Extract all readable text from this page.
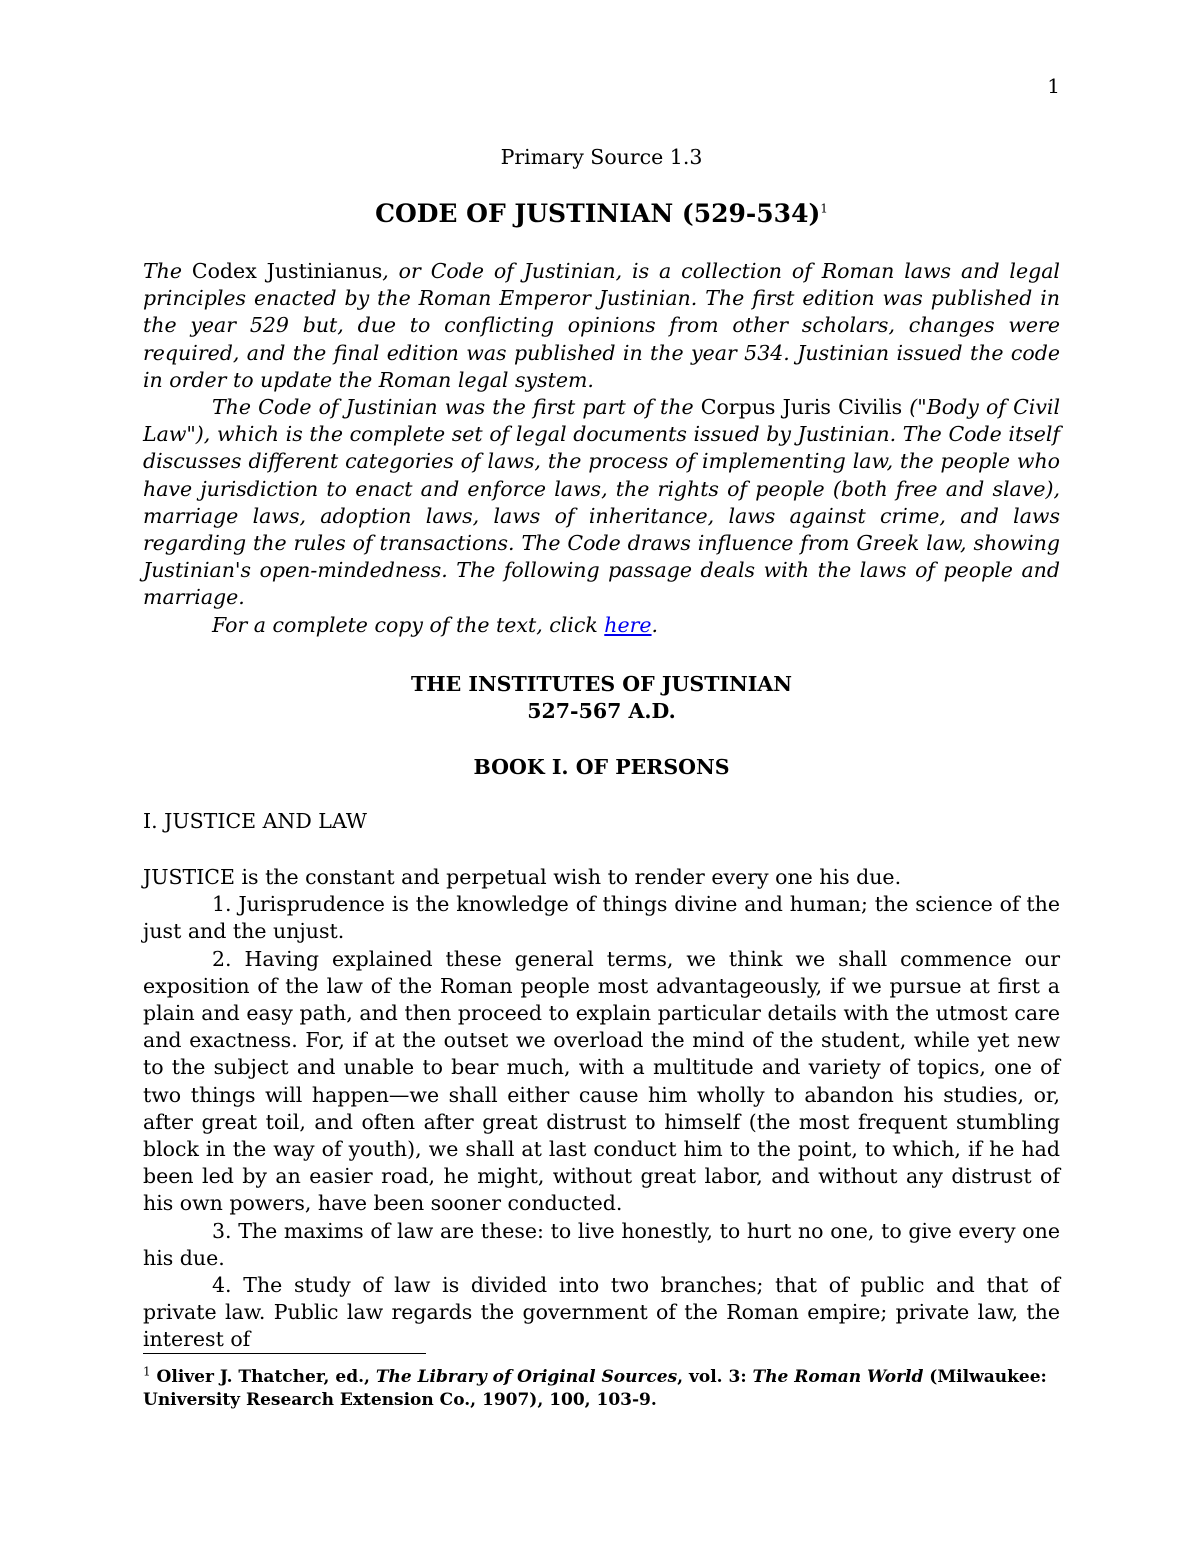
1

Primary Source 1.3

CODE OF JUSTINIAN $(529-534)^1$

The Codex Justinianus, or Code of Justinian, is a collection of Roman laws and legal principles enacted by the Roman Emperor Justinian. The first edition was published in the year 529 but, due to conflicting opinions from other scholars, changes were required, and the final edition was published in the year 534. Justinian issued the code in order to update the Roman legal system.

The Code of Justinian was the first part of the Corpus Juris Civilis ("Body of Civil Law"), which is the complete set of legal documents issued by Justinian. The Code itself discusses different categories of laws, the process of implementing law, the people who have jurisdiction to enact and enforce laws, the rights of people (both free and slave), marriage laws, adoption laws, laws of inheritance, laws against crime, and laws regarding the rules of transactions. The Code draws influence from Greek law, showing Justinian's open-mindedness. The following passage deals with the laws of people and marriage.

For a complete copy of the text, click here.

THE INSTITUTES OF JUSTINIAN

527-567 A.D.

BOOK I. OF PERSONS

I. JUSTICE AND LAW

JUSTICE is the constant and perpetual wish to render every one his due.

1. Jurisprudence is the knowledge of things divine and human; the science of the just and the unjust.

2. Having explained these general terms, we think we shall commence our exposition of the law of the Roman people most advantageously, if we pursue at first a plain and easy path, and then proceed to explain particular details with the utmost care and exactness. For, if at the outset we overload the mind of the student, while yet new to the subject and unable to bear much, with a multitude and variety of topics, one of two things will happen—we shall either cause him wholly to abandon his studies, or, after great toil, and often after great distrust to himself (the most frequent stumbling block in the way of youth), we shall at last conduct him to the point, to which, if he had been led by an easier road, he might, without great labor, and without any distrust of his own powers, have been sooner conducted.

3. The maxims of law are these: to live honestly, to hurt no one, to give every one his due.

4. The study of law is divided into two branches; that of public and that of private law. Public law regards the government of the Roman empire; private law, the interest of

$^1$ Oliver J. Thatcher, ed., The Library of Original Sources, vol. 3: The Roman World (Milwaukee: University Research Extension Co., 1907), 100, 103-9.
